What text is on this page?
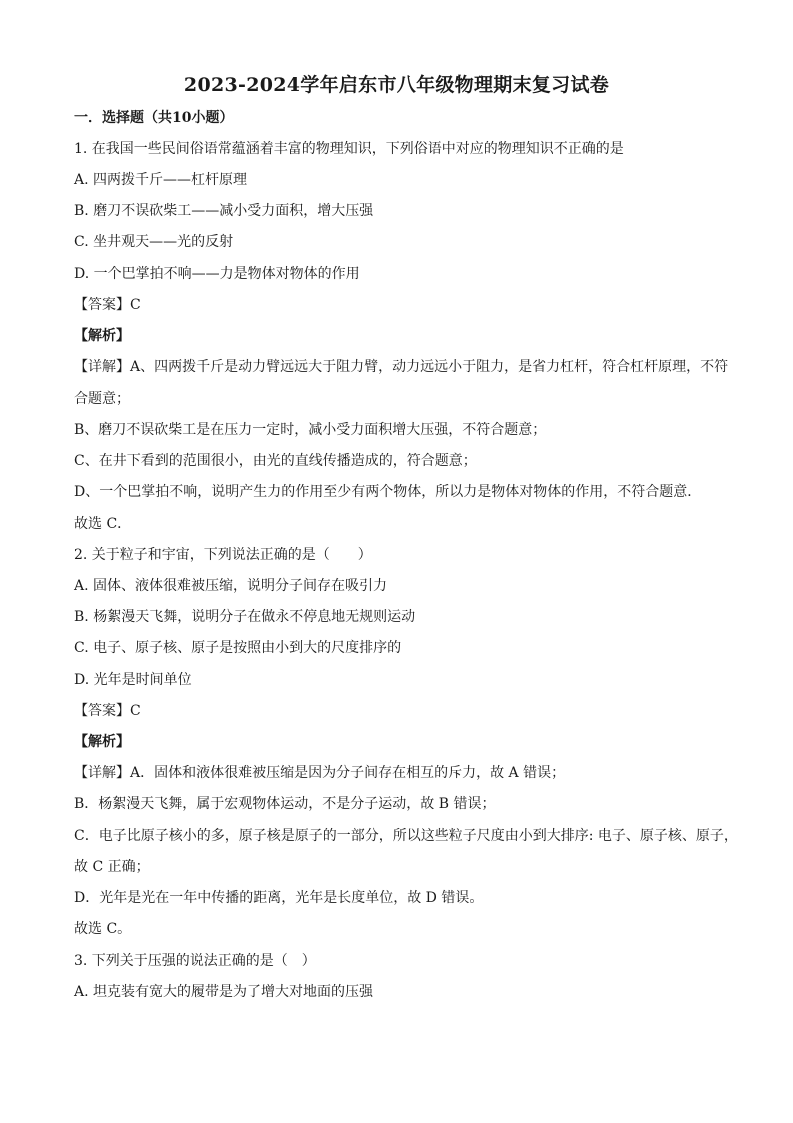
2023-2024学年启东市八年级物理期末复习试卷
一．选择题（共10小题）
1. 在我国一些民间俗语常蕴涵着丰富的物理知识，下列俗语中对应的物理知识不正确的是
A. 四两拨千斤——杠杆原理
B. 磨刀不误砍柴工——减小受力面积，增大压强
C. 坐井观天——光的反射
D. 一个巴掌拍不响——力是物体对物体的作用
【答案】C
【解析】
【详解】A、四两拨千斤是动力臂远远大于阻力臂，动力远远小于阻力，是省力杠杆，符合杠杆原理，不符
合题意；
B、磨刀不误砍柴工是在压力一定时，减小受力面积增大压强，不符合题意；
C、在井下看到的范围很小，由光的直线传播造成的，符合题意；
D、一个巴掌拍不响，说明产生力的作用至少有两个物体，所以力是物体对物体的作用，不符合题意．
故选 C．
2. 关于粒子和宇宙，下列说法正确的是（　　）
A. 固体、液体很难被压缩，说明分子间存在吸引力
B. 杨絮漫天飞舞，说明分子在做永不停息地无规则运动
C. 电子、原子核、原子是按照由小到大的尺度排序的
D. 光年是时间单位
【答案】C
【解析】
【详解】A．固体和液体很难被压缩是因为分子间存在相互的斥力，故 A 错误；
B．杨絮漫天飞舞，属于宏观物体运动，不是分子运动，故 B 错误；
C．电子比原子核小的多，原子核是原子的一部分，所以这些粒子尺度由小到大排序: 电子、原子核、原子，
故 C 正确；
D．光年是光在一年中传播的距离，光年是长度单位，故 D 错误。
故选 C。
3. 下列关于压强的说法正确的是（　）
A. 坦克装有宽大的履带是为了增大对地面的压强
